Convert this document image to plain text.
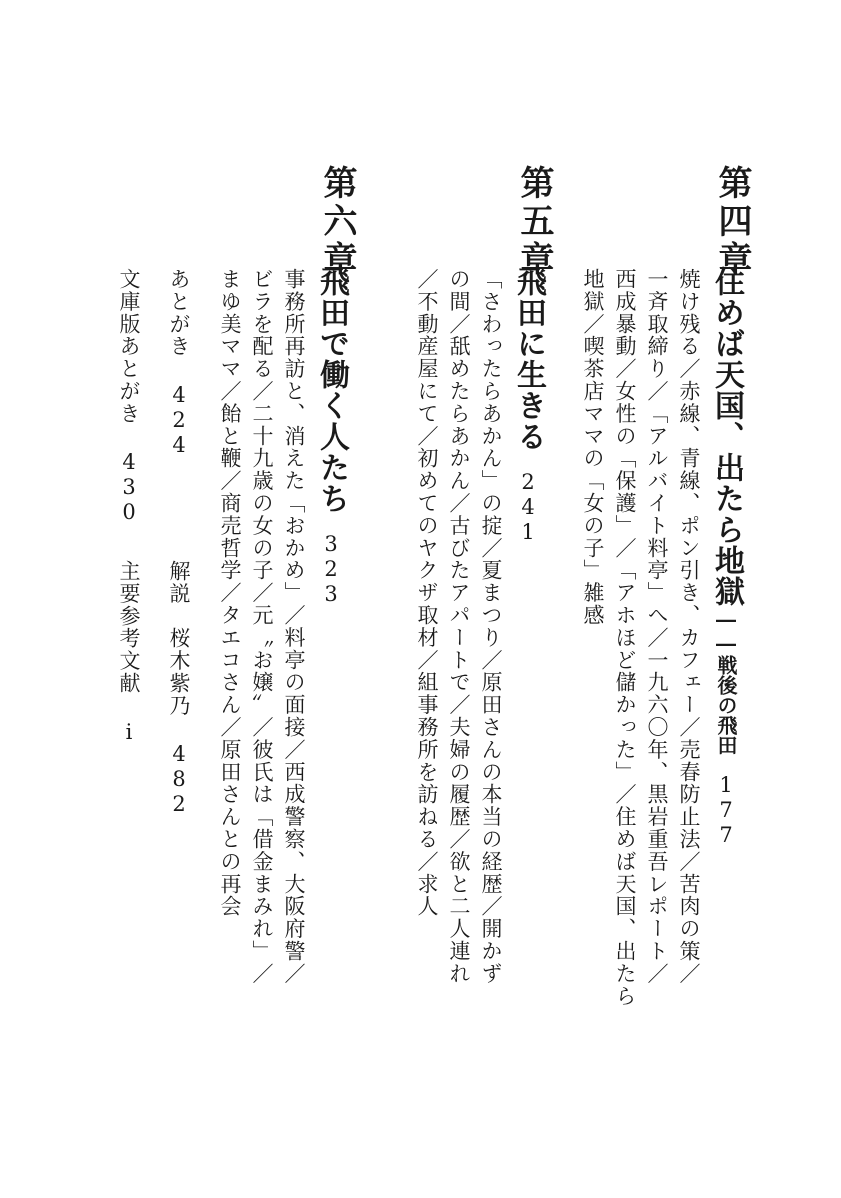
第四章

住めば天国、出たら地獄――戦後の飛田177

焼け残る／赤線、青線、ポン引き、カフェー／売春防止法／苦肉の策／

一斉取締り／「アルバイト料亭」へ／一九六〇年、黒岩重吾レポート／

西成暴動／女性の「保護」／「アホほど儲かった」／住めば天国、出たら

地獄／喫茶店ママの「女の子」雑感

第五章

飛田に生きる241

「さわったらあかん」の掟／夏まつり／原田さんの本当の経歴／開かず

の間／舐めたらあかん／古びたアパートで／夫婦の履歴／欲と二人連れ

／不動産屋にて／初めてのヤクザ取材／組事務所を訪ねる／求人

第六章

飛田で働く人たち323

事務所再訪と、消えた「おかめ」／料亭の面接／西成警察、大阪府警／

ビラを配る／二十九歳の女の子／元〝お嬢〟／彼氏は「借金まみれ」／

まゆ美ママ／飴と鞭／商売哲学／タエコさん／原田さんとの再会

あとがき 424

解説　桜木紫乃 482

文庫版あとがき 430

主要参考文献 i
